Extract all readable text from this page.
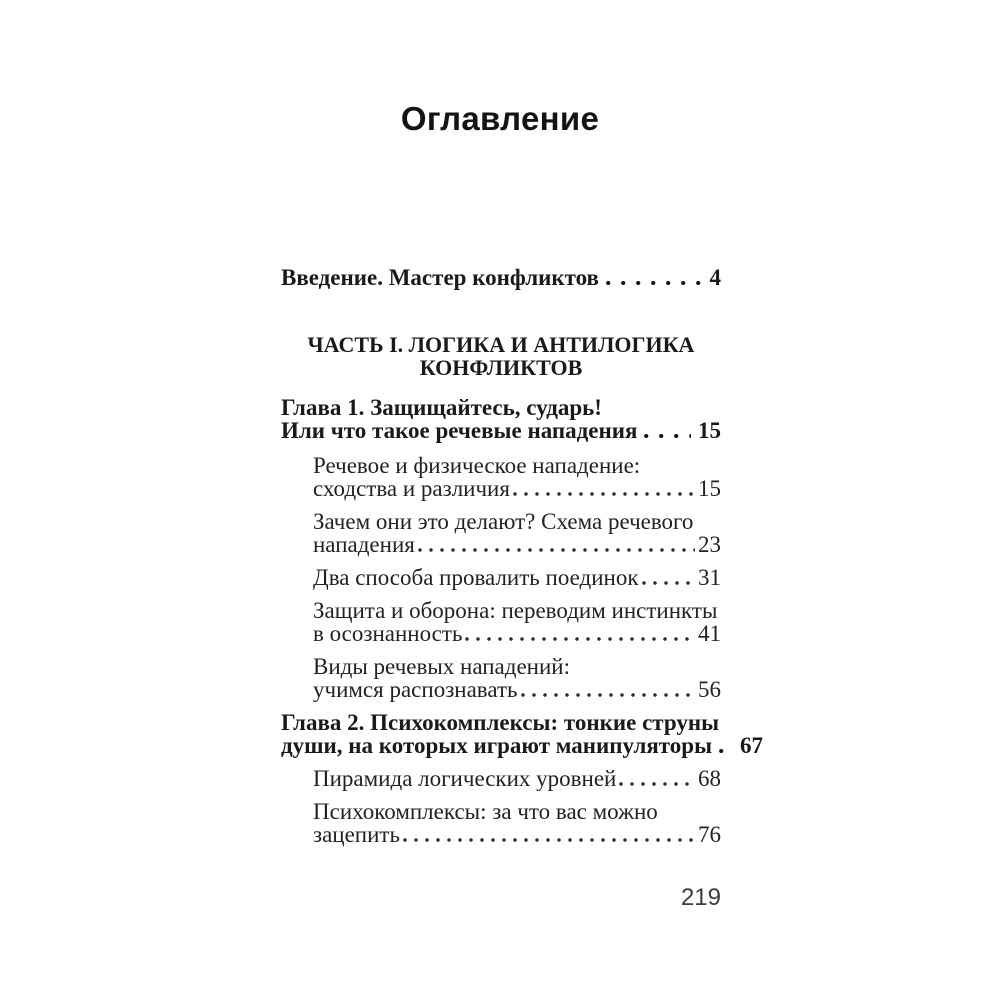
Оглавление
Введение. Мастер конфликтов	4
ЧАСТЬ I. ЛОГИКА И АНТИЛОГИКА
КОНФЛИКТОВ
Глава 1. Защищайтесь, сударь!
Или что такое речевые нападения	15
Речевое и физическое нападение:
сходства и различия	15
Зачем они это делают? Схема речевого
нападения	23
Два способа провалить поединок	31
Защита и оборона: переводим инстинкты
в осознанность	41
Виды речевых нападений:
учимся распознавать	56
Глава 2. Психокомплексы: тонкие струны
души, на которых играют манипуляторы 67
Пирамида логических уровней	68
Психокомплексы: за что вас можно
зацепить	76
219
